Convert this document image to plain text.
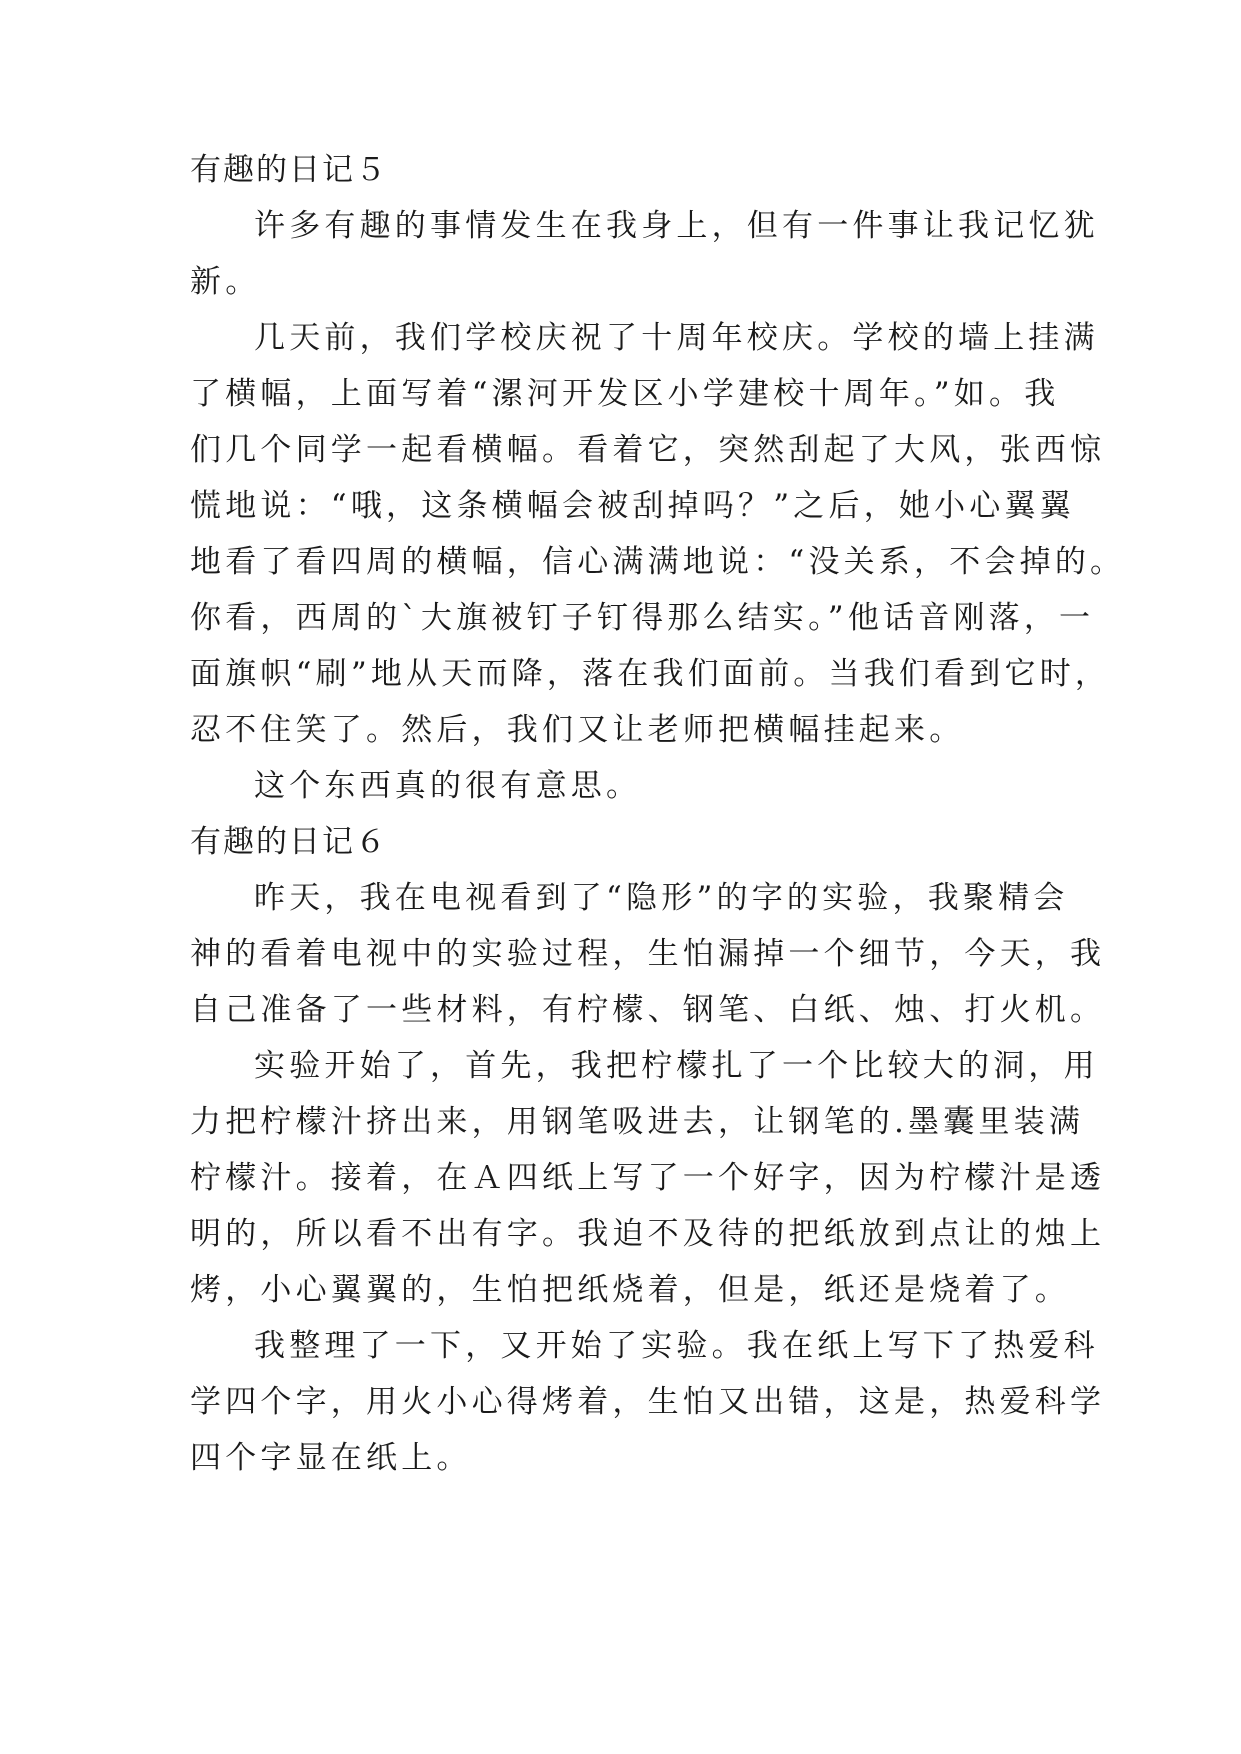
有趣的日记５
许多有趣的事情发生在我身上，但有一件事让我记忆犹
新。
几天前，我们学校庆祝了十周年校庆。学校的墙上挂满
了横幅，上面写着“漯河开发区小学建校十周年。”如。我
们几个同学一起看横幅。看着它，突然刮起了大风，张西惊
慌地说：“哦，这条横幅会被刮掉吗？”之后，她小心翼翼
地看了看四周的横幅，信心满满地说：“没关系，不会掉的。
你看，西周的`大旗被钉子钉得那么结实。”他话音刚落，一
面旗帜“刷”地从天而降，落在我们面前。当我们看到它时，
忍不住笑了。然后，我们又让老师把横幅挂起来。
这个东西真的很有意思。
有趣的日记６
昨天，我在电视看到了“隐形”的字的实验，我聚精会
神的看着电视中的实验过程，生怕漏掉一个细节，今天，我
自己准备了一些材料，有柠檬、钢笔、白纸、烛、打火机。
实验开始了，首先，我把柠檬扎了一个比较大的洞，用
力把柠檬汁挤出来，用钢笔吸进去，让钢笔的.墨囊里装满
柠檬汁。接着，在Ａ四纸上写了一个好字，因为柠檬汁是透
明的，所以看不出有字。我迫不及待的把纸放到点让的烛上
烤，小心翼翼的，生怕把纸烧着，但是，纸还是烧着了。
我整理了一下，又开始了实验。我在纸上写下了热爱科
学四个字，用火小心得烤着，生怕又出错，这是，热爱科学
四个字显在纸上。
